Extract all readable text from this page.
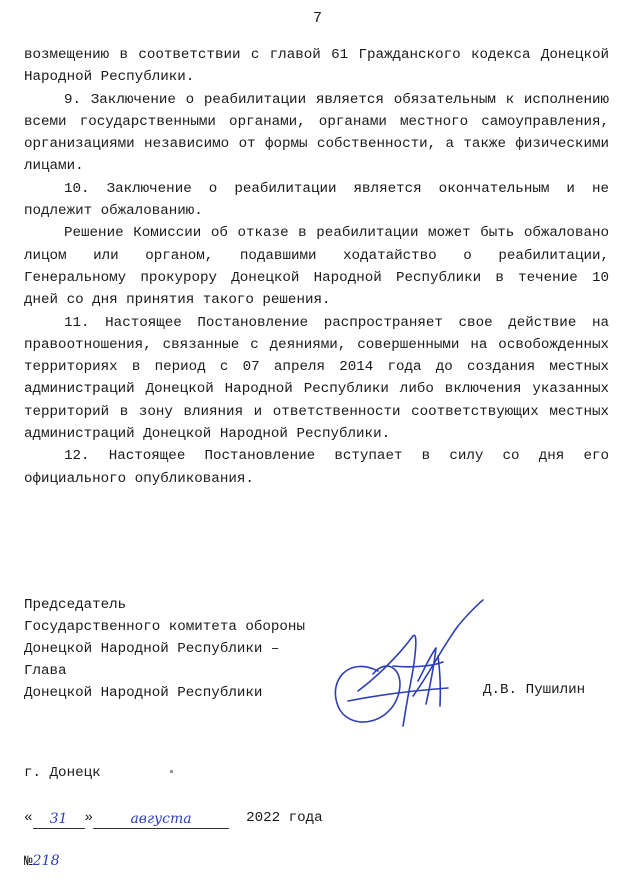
7

возмещению в соответствии с главой 61 Гражданского кодекса Донецкой Народной Республики.

9. Заключение о реабилитации является обязательным к исполнению всеми государственными органами, органами местного самоуправления, организациями независимо от формы собственности, а также физическими лицами.

10. Заключение о реабилитации является окончательным и не подлежит обжалованию.

Решение Комиссии об отказе в реабилитации может быть обжаловано лицом или органом, подавшими ходатайство о реабилитации, Генеральному прокурору Донецкой Народной Республики в течение 10 дней со дня принятия такого решения.

11. Настоящее Постановление распространяет свое действие на правоотношения, связанные с деяниями, совершенными на освобожденных территориях в период с 07 апреля 2014 года до создания местных администраций Донецкой Народной Республики либо включения указанных территорий в зону влияния и ответственности соответствующих местных администраций Донецкой Народной Республики.

12. Настоящее Постановление вступает в силу со дня его официального опубликования.

Председатель
Государственного комитета обороны
Донецкой Народной Республики –
Глава
Донецкой Народной Республики	Д.В. Пушилин
г. Донецк
« 31 »	августа	2022 года
№218
